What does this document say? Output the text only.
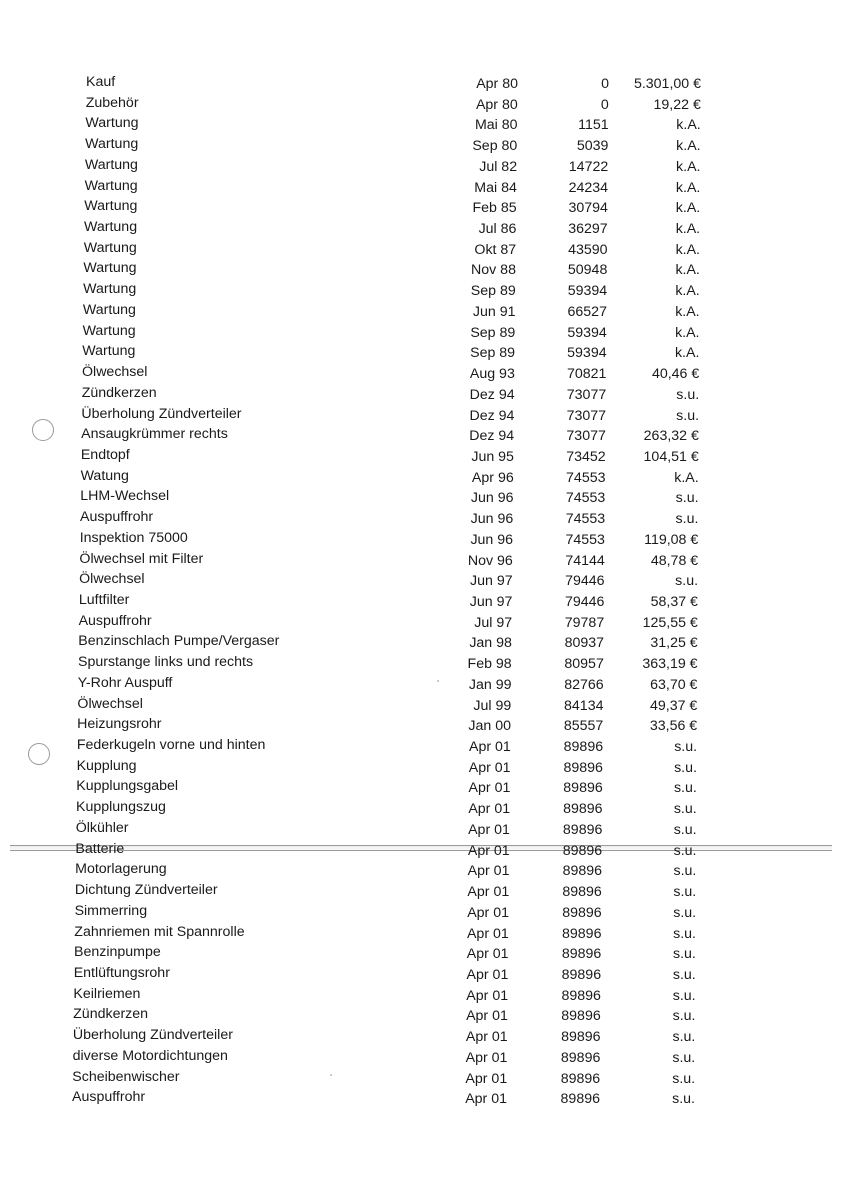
Kauf	Apr 80	0	5.301,00 €
Zubehör	Apr 80	0	19,22 €
Wartung	Mai 80	1151	k.A.
Wartung	Sep 80	5039	k.A.
Wartung	Jul 82	14722	k.A.
Wartung	Mai 84	24234	k.A.
Wartung	Feb 85	30794	k.A.
Wartung	Jul 86	36297	k.A.
Wartung	Okt 87	43590	k.A.
Wartung	Nov 88	50948	k.A.
Wartung	Sep 89	59394	k.A.
Wartung	Jun 91	66527	k.A.
Wartung	Sep 89	59394	k.A.
Wartung	Sep 89	59394	k.A.
Ölwechsel	Aug 93	70821	40,46 €
Zündkerzen	Dez 94	73077	s.u.
Überholung Zündverteiler	Dez 94	73077	s.u.
Ansaugkrümmer rechts	Dez 94	73077	263,32 €
Endtopf	Jun 95	73452	104,51 €
Watung	Apr 96	74553	k.A.
LHM-Wechsel	Jun 96	74553	s.u.
Auspuffrohr	Jun 96	74553	s.u.
Inspektion 75000	Jun 96	74553	119,08 €
Ölwechsel mit Filter	Nov 96	74144	48,78 €
Ölwechsel	Jun 97	79446	s.u.
Luftfilter	Jun 97	79446	58,37 €
Auspuffrohr	Jul 97	79787	125,55 €
Benzinschlach Pumpe/Vergaser	Jan 98	80937	31,25 €
Spurstange links und rechts	Feb 98	80957	363,19 €
Y-Rohr Auspuff	Jan 99	82766	63,70 €
Ölwechsel	Jul 99	84134	49,37 €
Heizungsrohr	Jan 00	85557	33,56 €
Federkugeln vorne und hinten	Apr 01	89896	s.u.
Kupplung	Apr 01	89896	s.u.
Kupplungsgabel	Apr 01	89896	s.u.
Kupplungszug	Apr 01	89896	s.u.
Ölkühler	Apr 01	89896	s.u.
Batterie	Apr 01	89896	s.u.
Motorlagerung	Apr 01	89896	s.u.
Dichtung Zündverteiler	Apr 01	89896	s.u.
Simmerring	Apr 01	89896	s.u.
Zahnriemen mit Spannrolle	Apr 01	89896	s.u.
Benzinpumpe	Apr 01	89896	s.u.
Entlüftungsrohr	Apr 01	89896	s.u.
Keilriemen	Apr 01	89896	s.u.
Zündkerzen	Apr 01	89896	s.u.
Überholung Zündverteiler	Apr 01	89896	s.u.
diverse Motordichtungen	Apr 01	89896	s.u.
Scheibenwischer	Apr 01	89896	s.u.
Auspuffrohr	Apr 01	89896	s.u.
